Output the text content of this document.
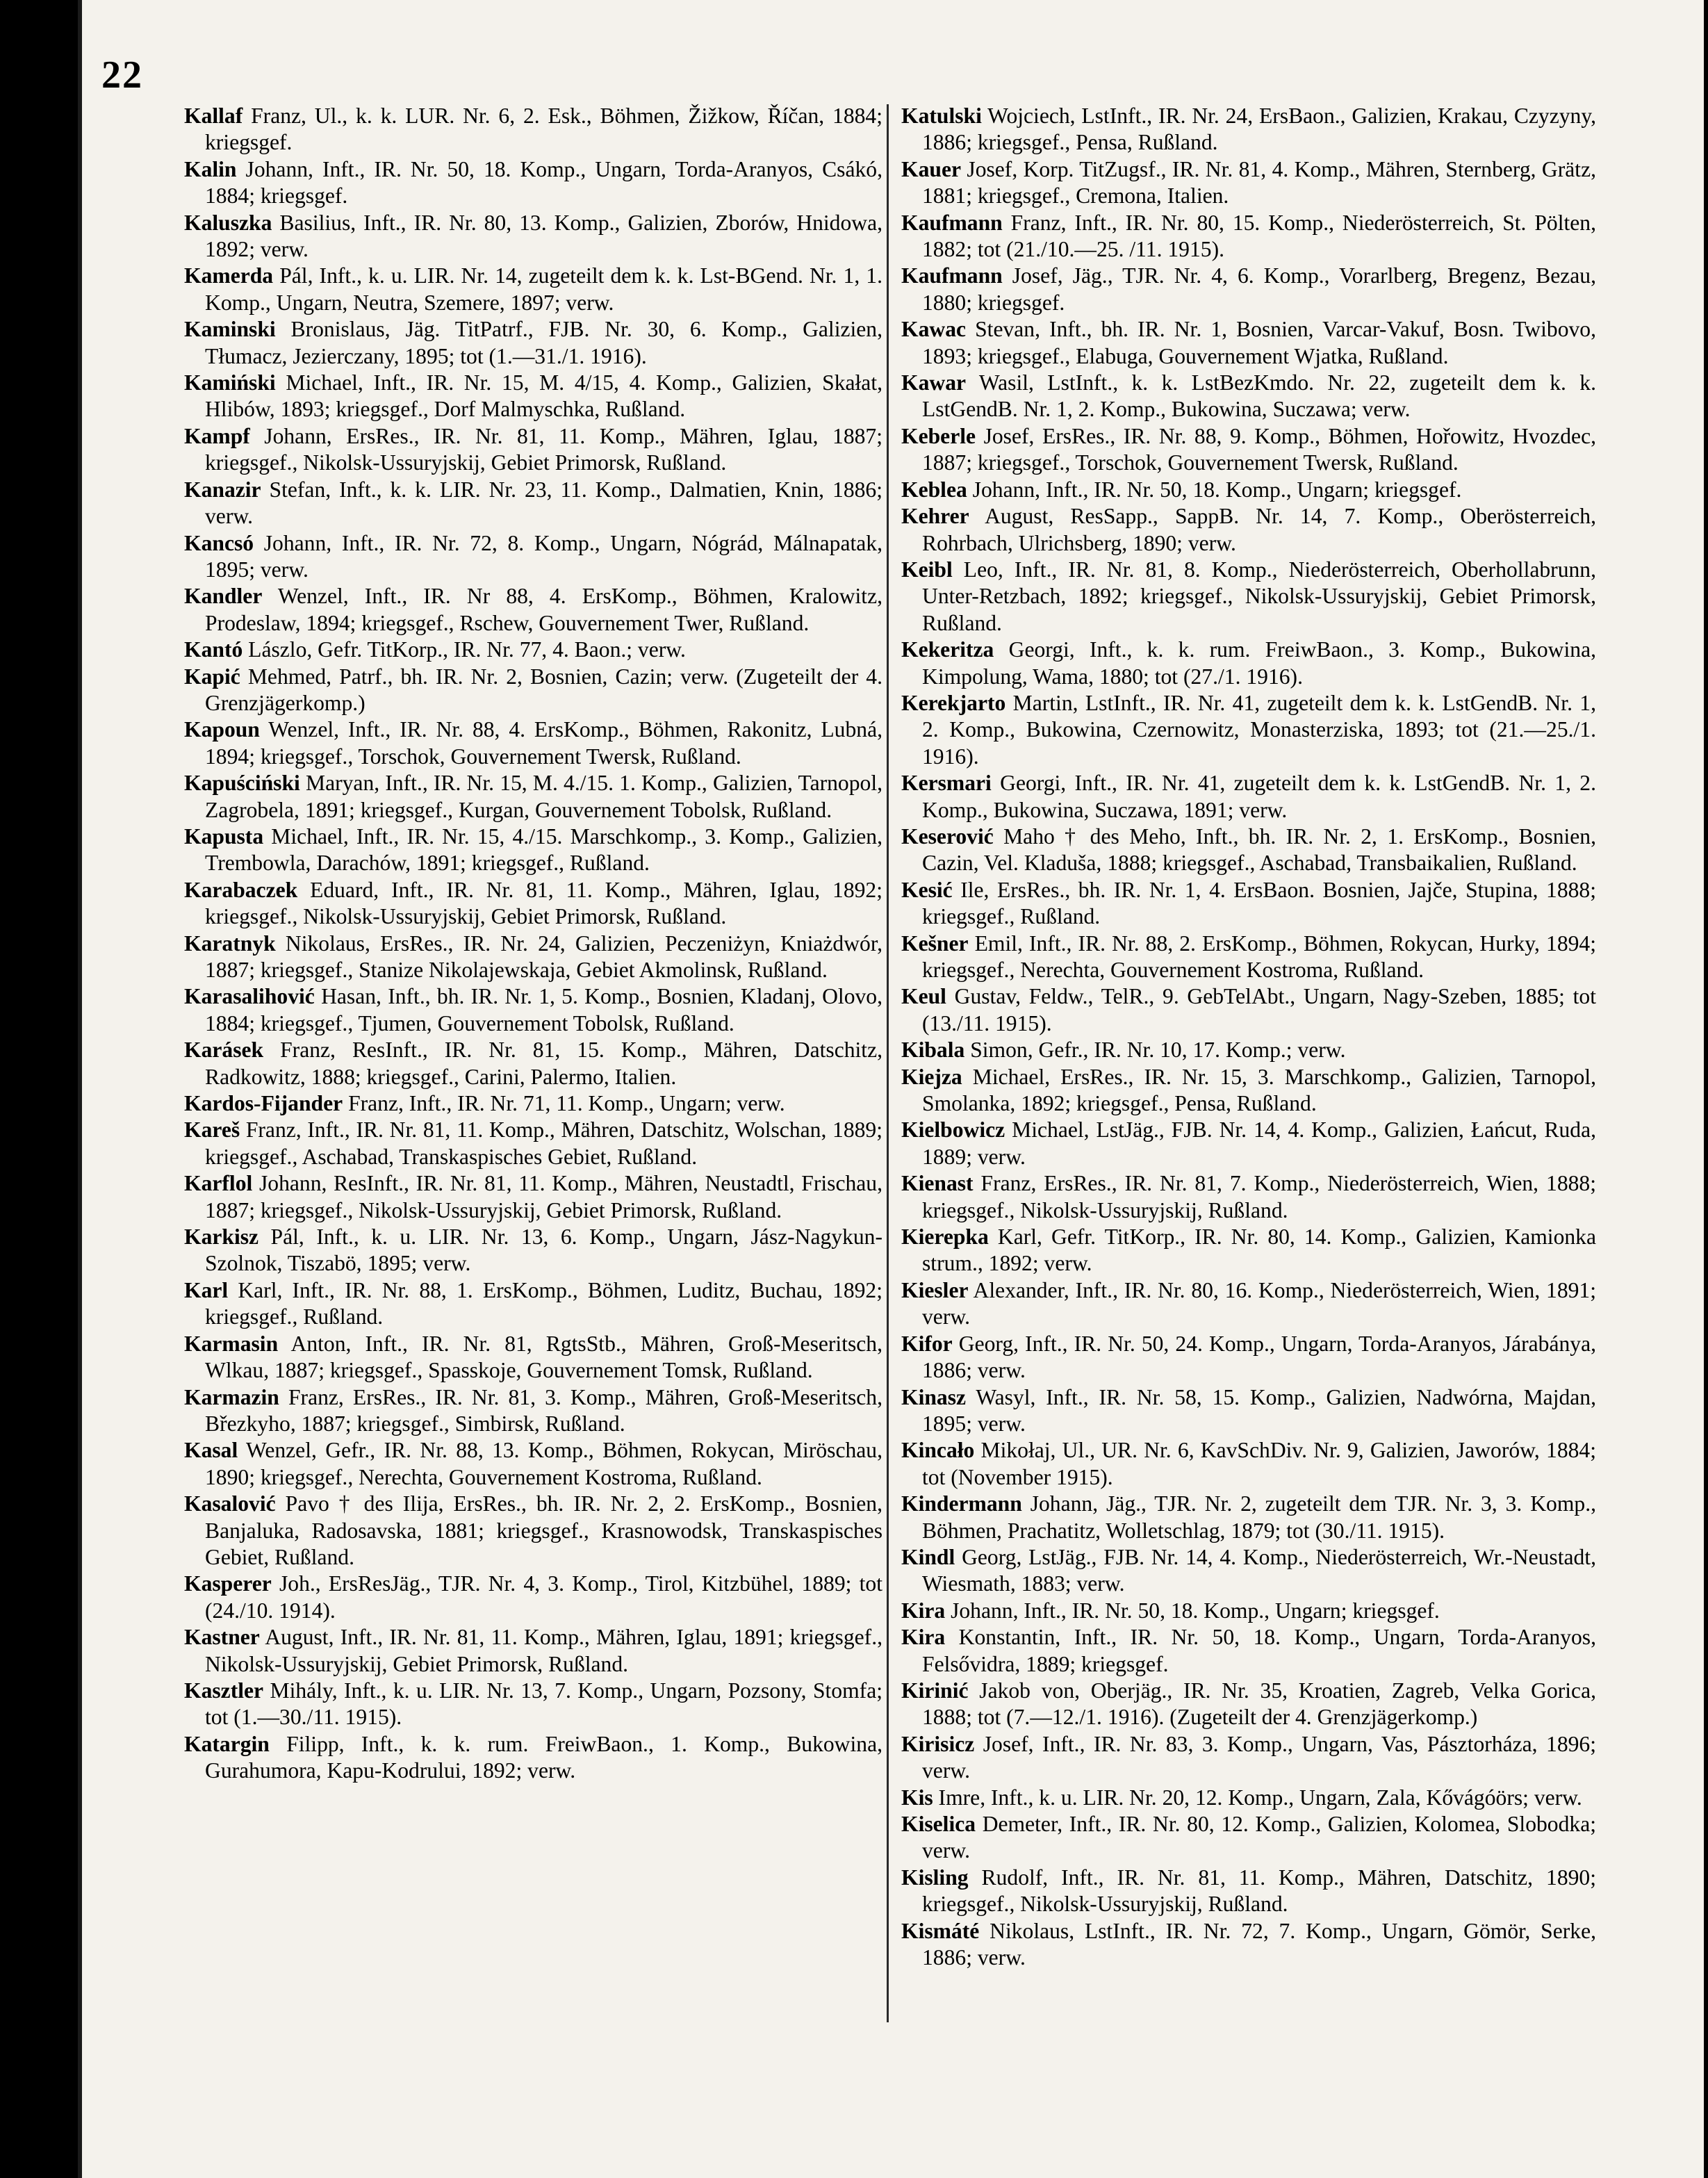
22

Kallaf Franz, Ul., k. k. LUR. Nr. 6, 2. Esk., Böhmen, Žižkow, Říčan, 1884; kriegsgef.

Kalin Johann, Inft., IR. Nr. 50, 18. Komp., Ungarn, Torda-Aranyos, Csákó, 1884; kriegsgef.

Kaluszka Basilius, Inft., IR. Nr. 80, 13. Komp., Galizien, Zborów, Hnidowa, 1892; verw.

Kamerda Pál, Inft., k. u. LIR. Nr. 14, zugeteilt dem k. k. Lst-BGend. Nr. 1, 1. Komp., Ungarn, Neutra, Szemere, 1897; verw.

Kaminski Bronislaus, Jäg. TitPatrf., FJB. Nr. 30, 6. Komp., Galizien, Tłumacz, Jezierczany, 1895; tot (1.—31./1. 1916).

Kamiński Michael, Inft., IR. Nr. 15, M. 4/15, 4. Komp., Galizien, Skałat, Hlibów, 1893; kriegsgef., Dorf Malmyschka, Rußland.

Kampf Johann, ErsRes., IR. Nr. 81, 11. Komp., Mähren, Iglau, 1887; kriegsgef., Nikolsk-Ussuryjskij, Gebiet Primorsk, Rußland.

Kanazir Stefan, Inft., k. k. LIR. Nr. 23, 11. Komp., Dalmatien, Knin, 1886; verw.

Kancsó Johann, Inft., IR. Nr. 72, 8. Komp., Ungarn, Nógrád, Málnapatak, 1895; verw.

Kandler Wenzel, Inft., IR. Nr 88, 4. ErsKomp., Böhmen, Kralowitz, Prodeslaw, 1894; kriegsgef., Rschew, Gouvernement Twer, Rußland.

Kantó Lászlo, Gefr. TitKorp., IR. Nr. 77, 4. Baon.; verw.

Kapić Mehmed, Patrf., bh. IR. Nr. 2, Bosnien, Cazin; verw. (Zugeteilt der 4. Grenzjägerkomp.)

Kapoun Wenzel, Inft., IR. Nr. 88, 4. ErsKomp., Böhmen, Rakonitz, Lubná, 1894; kriegsgef., Torschok, Gouvernement Twersk, Rußland.

Kapuściński Maryan, Inft., IR. Nr. 15, M. 4./15. 1. Komp., Galizien, Tarnopol, Zagrobela, 1891; kriegsgef., Kurgan, Gouvernement Tobolsk, Rußland.

Kapusta Michael, Inft., IR. Nr. 15, 4./15. Marschkomp., 3. Komp., Galizien, Trembowla, Darachów, 1891; kriegsgef., Rußland.

Karabaczek Eduard, Inft., IR. Nr. 81, 11. Komp., Mähren, Iglau, 1892; kriegsgef., Nikolsk-Ussuryjskij, Gebiet Primorsk, Rußland.

Karatnyk Nikolaus, ErsRes., IR. Nr. 24, Galizien, Peczeniżyn, Kniażdwór, 1887; kriegsgef., Stanize Nikolajewskaja, Gebiet Akmolinsk, Rußland.

Karasalihović Hasan, Inft., bh. IR. Nr. 1, 5. Komp., Bosnien, Kladanj, Olovo, 1884; kriegsgef., Tjumen, Gouvernement Tobolsk, Rußland.

Karásek Franz, ResInft., IR. Nr. 81, 15. Komp., Mähren, Datschitz, Radkowitz, 1888; kriegsgef., Carini, Palermo, Italien.

Kardos-Fijander Franz, Inft., IR. Nr. 71, 11. Komp., Ungarn; verw.

Kareš Franz, Inft., IR. Nr. 81, 11. Komp., Mähren, Datschitz, Wolschan, 1889; kriegsgef., Aschabad, Transkaspisches Gebiet, Rußland.

Karflol Johann, ResInft., IR. Nr. 81, 11. Komp., Mähren, Neustadtl, Frischau, 1887; kriegsgef., Nikolsk-Ussuryjskij, Gebiet Primorsk, Rußland.

Karkisz Pál, Inft., k. u. LIR. Nr. 13, 6. Komp., Ungarn, Jász-Nagykun-Szolnok, Tiszabö, 1895; verw.

Karl Karl, Inft., IR. Nr. 88, 1. ErsKomp., Böhmen, Luditz, Buchau, 1892; kriegsgef., Rußland.

Karmasin Anton, Inft., IR. Nr. 81, RgtsStb., Mähren, Groß-Meseritsch, Wlkau, 1887; kriegsgef., Spasskoje, Gouvernement Tomsk, Rußland.

Karmazin Franz, ErsRes., IR. Nr. 81, 3. Komp., Mähren, Groß-Meseritsch, Březkyho, 1887; kriegsgef., Simbirsk, Rußland.

Kasal Wenzel, Gefr., IR. Nr. 88, 13. Komp., Böhmen, Rokycan, Miröschau, 1890; kriegsgef., Nerechta, Gouvernement Kostroma, Rußland.

Kasalović Pavo † des Ilija, ErsRes., bh. IR. Nr. 2, 2. ErsKomp., Bosnien, Banjaluka, Radosavska, 1881; kriegsgef., Krasnowodsk, Transkaspisches Gebiet, Rußland.

Kasperer Joh., ErsResJäg., TJR. Nr. 4, 3. Komp., Tirol, Kitzbühel, 1889; tot (24./10. 1914).

Kastner August, Inft., IR. Nr. 81, 11. Komp., Mähren, Iglau, 1891; kriegsgef., Nikolsk-Ussuryjskij, Gebiet Primorsk, Rußland.

Kasztler Mihály, Inft., k. u. LIR. Nr. 13, 7. Komp., Ungarn, Pozsony, Stomfa; tot (1.—30./11. 1915).

Katargin Filipp, Inft., k. k. rum. FreiwBaon., 1. Komp., Bukowina, Gurahumora, Kapu-Kodrului, 1892; verw.

Katulski Wojciech, LstInft., IR. Nr. 24, ErsBaon., Galizien, Krakau, Czyzyny, 1886; kriegsgef., Pensa, Rußland.

Kauer Josef, Korp. TitZugsf., IR. Nr. 81, 4. Komp., Mähren, Sternberg, Grätz, 1881; kriegsgef., Cremona, Italien.

Kaufmann Franz, Inft., IR. Nr. 80, 15. Komp., Niederösterreich, St. Pölten, 1882; tot (21./10.—25. /11. 1915).

Kaufmann Josef, Jäg., TJR. Nr. 4, 6. Komp., Vorarlberg, Bregenz, Bezau, 1880; kriegsgef.

Kawac Stevan, Inft., bh. IR. Nr. 1, Bosnien, Varcar-Vakuf, Bosn. Twibovo, 1893; kriegsgef., Elabuga, Gouvernement Wjatka, Rußland.

Kawar Wasil, LstInft., k. k. LstBezKmdo. Nr. 22, zugeteilt dem k. k. LstGendB. Nr. 1, 2. Komp., Bukowina, Suczawa; verw.

Keberle Josef, ErsRes., IR. Nr. 88, 9. Komp., Böhmen, Hořowitz, Hvozdec, 1887; kriegsgef., Torschok, Gouvernement Twersk, Rußland.

Keblea Johann, Inft., IR. Nr. 50, 18. Komp., Ungarn; kriegsgef.

Kehrer August, ResSapp., SappB. Nr. 14, 7. Komp., Oberösterreich, Rohrbach, Ulrichsberg, 1890; verw.

Keibl Leo, Inft., IR. Nr. 81, 8. Komp., Niederösterreich, Oberhollabrunn, Unter-Retzbach, 1892; kriegsgef., Nikolsk-Ussuryjskij, Gebiet Primorsk, Rußland.

Kekeritza Georgi, Inft., k. k. rum. FreiwBaon., 3. Komp., Bukowina, Kimpolung, Wama, 1880; tot (27./1. 1916).

Kerekjarto Martin, LstInft., IR. Nr. 41, zugeteilt dem k. k. LstGendB. Nr. 1, 2. Komp., Bukowina, Czernowitz, Monasterziska, 1893; tot (21.—25./1. 1916).

Kersmari Georgi, Inft., IR. Nr. 41, zugeteilt dem k. k. LstGendB. Nr. 1, 2. Komp., Bukowina, Suczawa, 1891; verw.

Keserović Maho † des Meho, Inft., bh. IR. Nr. 2, 1. ErsKomp., Bosnien, Cazin, Vel. Kladuša, 1888; kriegsgef., Aschabad, Transbaikalien, Rußland.

Kesić Ile, ErsRes., bh. IR. Nr. 1, 4. ErsBaon. Bosnien, Jajče, Stupina, 1888; kriegsgef., Rußland.

Kešner Emil, Inft., IR. Nr. 88, 2. ErsKomp., Böhmen, Rokycan, Hurky, 1894; kriegsgef., Nerechta, Gouvernement Kostroma, Rußland.

Keul Gustav, Feldw., TelR., 9. GebTelAbt., Ungarn, Nagy-Szeben, 1885; tot (13./11. 1915).

Kibala Simon, Gefr., IR. Nr. 10, 17. Komp.; verw.

Kiejza Michael, ErsRes., IR. Nr. 15, 3. Marschkomp., Galizien, Tarnopol, Smolanka, 1892; kriegsgef., Pensa, Rußland.

Kielbowicz Michael, LstJäg., FJB. Nr. 14, 4. Komp., Galizien, Łańcut, Ruda, 1889; verw.

Kienast Franz, ErsRes., IR. Nr. 81, 7. Komp., Niederösterreich, Wien, 1888; kriegsgef., Nikolsk-Ussuryjskij, Rußland.

Kierepka Karl, Gefr. TitKorp., IR. Nr. 80, 14. Komp., Galizien, Kamionka strum., 1892; verw.

Kiesler Alexander, Inft., IR. Nr. 80, 16. Komp., Niederösterreich, Wien, 1891; verw.

Kifor Georg, Inft., IR. Nr. 50, 24. Komp., Ungarn, Torda-Aranyos, Járabánya, 1886; verw.

Kinasz Wasyl, Inft., IR. Nr. 58, 15. Komp., Galizien, Nadwórna, Majdan, 1895; verw.

Kincało Mikołaj, Ul., UR. Nr. 6, KavSchDiv. Nr. 9, Galizien, Jaworów, 1884; tot (November 1915).

Kindermann Johann, Jäg., TJR. Nr. 2, zugeteilt dem TJR. Nr. 3, 3. Komp., Böhmen, Prachatitz, Wolletschlag, 1879; tot (30./11. 1915).

Kindl Georg, LstJäg., FJB. Nr. 14, 4. Komp., Niederösterreich, Wr.-Neustadt, Wiesmath, 1883; verw.

Kira Johann, Inft., IR. Nr. 50, 18. Komp., Ungarn; kriegsgef.

Kira Konstantin, Inft., IR. Nr. 50, 18. Komp., Ungarn, Torda-Aranyos, Felsővidra, 1889; kriegsgef.

Kirinić Jakob von, Oberjäg., IR. Nr. 35, Kroatien, Zagreb, Velka Gorica, 1888; tot (7.—12./1. 1916). (Zugeteilt der 4. Grenzjägerkomp.)

Kirisicz Josef, Inft., IR. Nr. 83, 3. Komp., Ungarn, Vas, Pásztorháza, 1896; verw.

Kis Imre, Inft., k. u. LIR. Nr. 20, 12. Komp., Ungarn, Zala, Kővágóörs; verw.

Kiselica Demeter, Inft., IR. Nr. 80, 12. Komp., Galizien, Kolomea, Slobodka; verw.

Kisling Rudolf, Inft., IR. Nr. 81, 11. Komp., Mähren, Datschitz, 1890; kriegsgef., Nikolsk-Ussuryjskij, Rußland.

Kismáté Nikolaus, LstInft., IR. Nr. 72, 7. Komp., Ungarn, Gömör, Serke, 1886; verw.
